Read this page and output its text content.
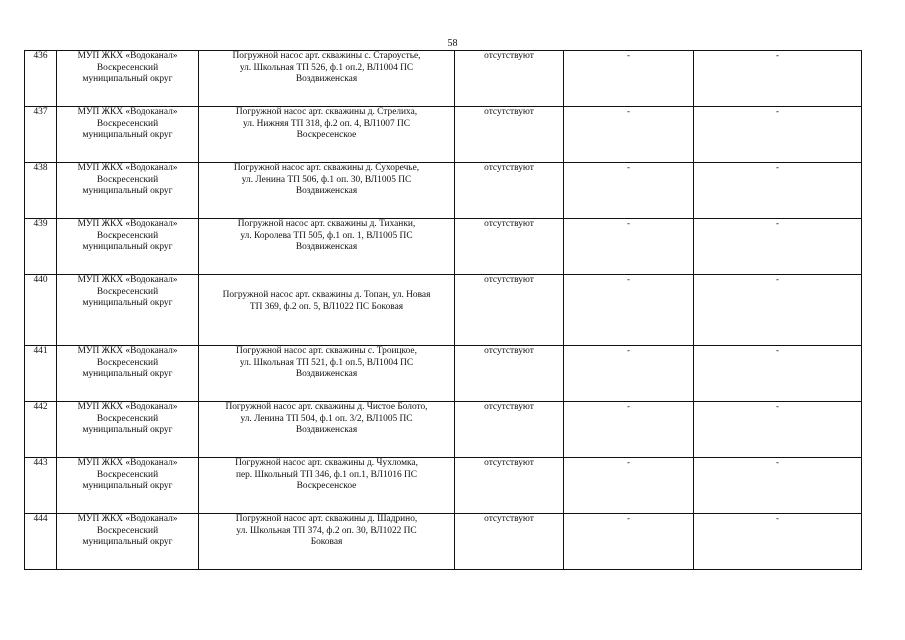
58
436	МУП ЖКХ «Водоканал»
Воскресенский
муниципальный округ	Погружной насос арт. скважины с. Староустье,
ул. Школьная ТП 526, ф.1 оп.2, ВЛ1004 ПС
Воздвиженская	отсутствуют	-	-

437	МУП ЖКХ «Водоканал»
Воскресенский
муниципальный округ	Погружной насос арт. скважины д. Стрелиха,
ул. Нижняя ТП 318, ф.2 оп. 4, ВЛ1007 ПС
Воскресенское	отсутствуют	-	-

438	МУП ЖКХ «Водоканал»
Воскресенский
муниципальный округ	Погружной насос арт. скважины д. Сухоречье,
ул. Ленина ТП 506, ф.1 оп. 30, ВЛ1005 ПС
Воздвиженская	отсутствуют	-	-

439	МУП ЖКХ «Водоканал»
Воскресенский
муниципальный округ	Погружной насос арт. скважины д. Тиханки,
ул. Королева ТП 505, ф.1 оп. 1, ВЛ1005 ПС
Воздвиженская	отсутствуют	-	-

440	МУП ЖКХ «Водоканал»
Воскресенский
муниципальный округ	Погружной насос арт. скважины д. Топан, ул. Новая
ТП 369, ф.2 оп. 5, ВЛ1022 ПС Боковая	отсутствуют	-	-

441	МУП ЖКХ «Водоканал»
Воскресенский
муниципальный округ	Погружной насос арт. скважины с. Троицкое,
ул. Школьная ТП 521, ф.1 оп.5, ВЛ1004 ПС
Воздвиженская	отсутствуют	-	-

442	МУП ЖКХ «Водоканал»
Воскресенский
муниципальный округ	Погружной насос арт. скважины д. Чистое Болото,
ул. Ленина ТП 504, ф.1 оп. 3/2, ВЛ1005 ПС
Воздвиженская	отсутствуют	-	-

443	МУП ЖКХ «Водоканал»
Воскресенский
муниципальный округ	Погружной насос арт. скважины д. Чухломка,
пер. Школьный ТП 346, ф.1 оп.1, ВЛ1016 ПС
Воскресенское	отсутствуют	-	-

444	МУП ЖКХ «Водоканал»
Воскресенский
муниципальный округ	Погружной насос арт. скважины д. Шадрино,
ул. Школьная ТП 374, ф.2 оп. 30, ВЛ1022 ПС
Боковая	отсутствуют	-	-
